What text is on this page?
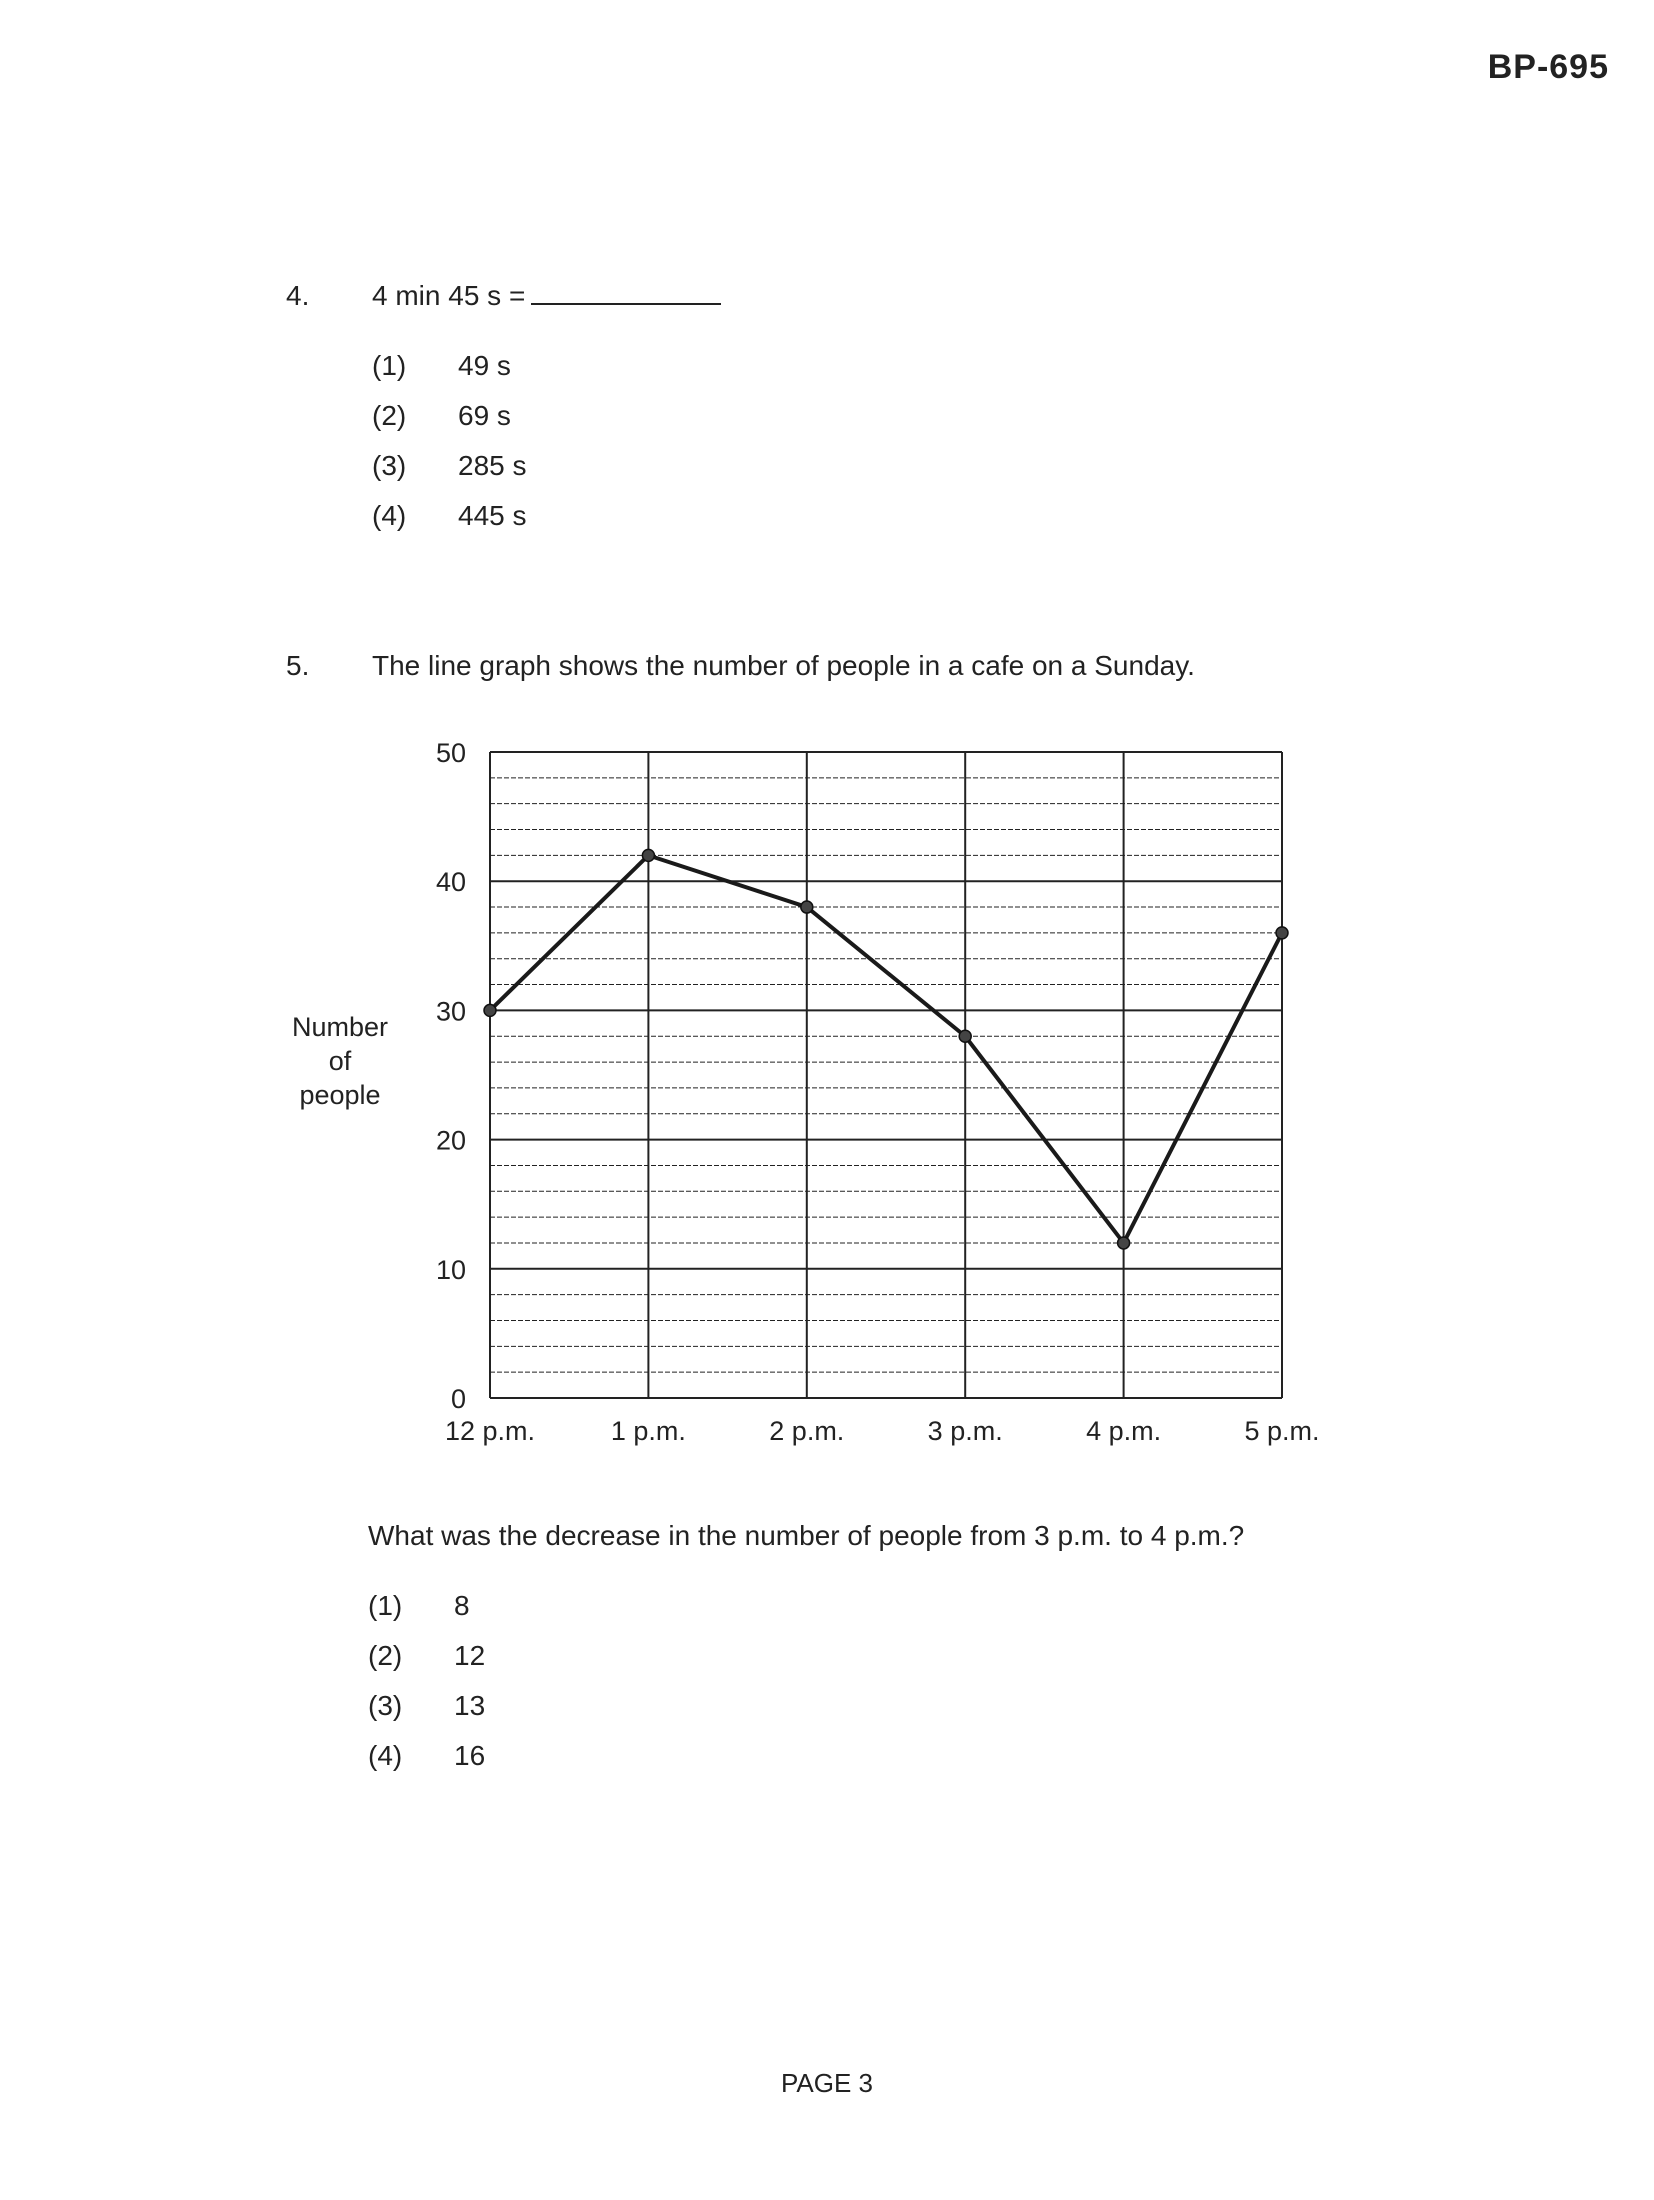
BP-695
4. 4 min 45 s =
(1) 49 s
(2) 69 s
(3) 285 s
(4) 445 s
5. The line graph shows the number of people in a cafe on a Sunday.
Number
of
people
0
10
20
30
40
50
12 p.m.	1 p.m.	2 p.m.	3 p.m.	4 p.m.	5 p.m.
What was the decrease in the number of people from 3 p.m. to 4 p.m.?
(1) 8
(2) 12
(3) 13
(4) 16
PAGE 3
